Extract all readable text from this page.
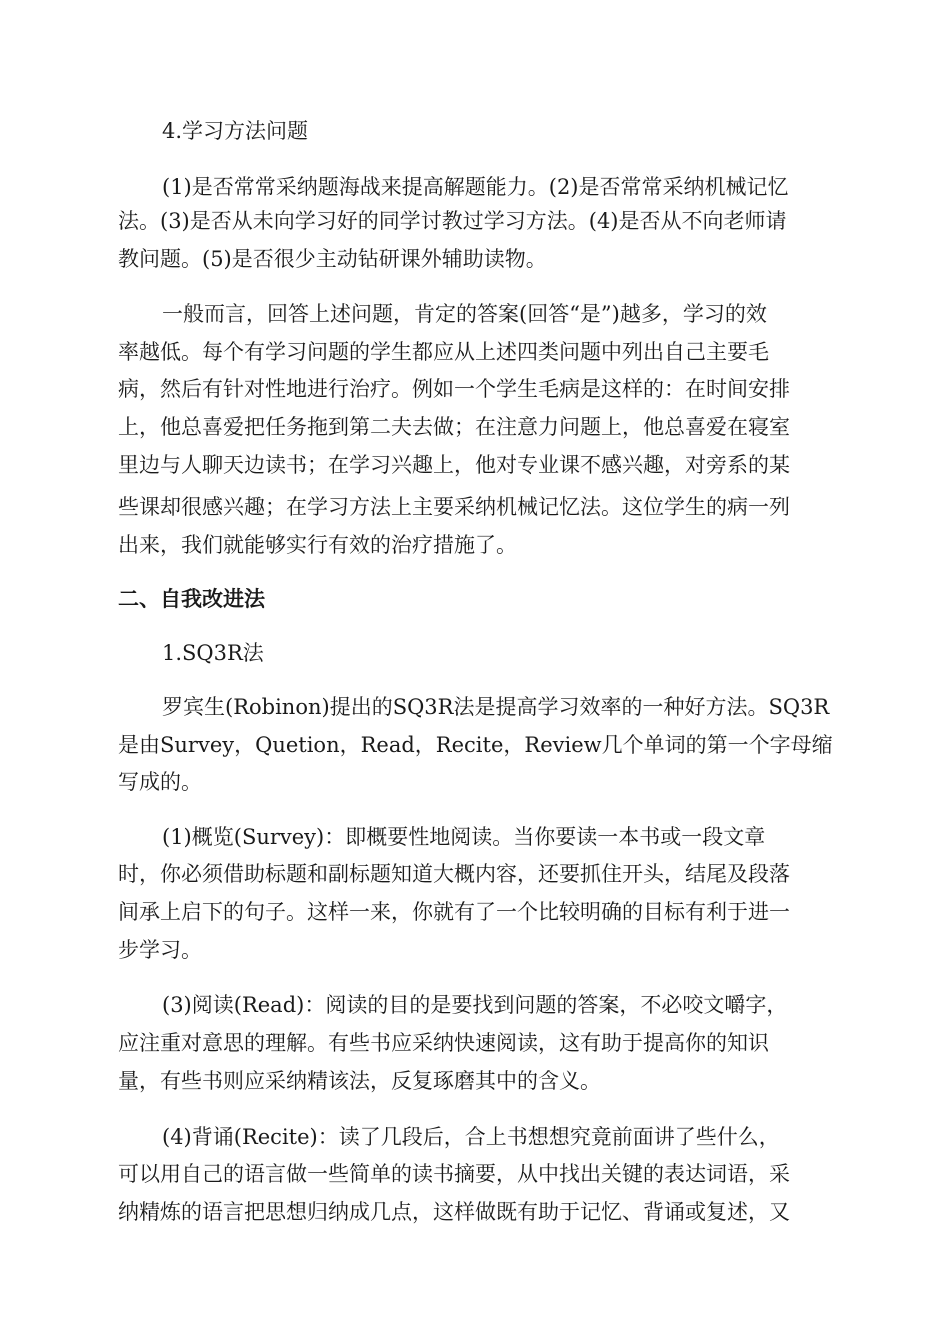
4.学习方法问题
(1)是否常常采纳题海战来提高解题能力。(2)是否常常采纳机械记忆
法。(3)是否从未向学习好的同学讨教过学习方法。(4)是否从不向老师请
教问题。(5)是否很少主动钻研课外辅助读物。
一般而言，回答上述问题，肯定的答案(回答“是”)越多，学习的效
率越低。每个有学习问题的学生都应从上述四类问题中列出自己主要毛
病，然后有针对性地进行治疗。例如一个学生毛病是这样的：在时间安排
上，他总喜爱把任务拖到第二夫去做；在注意力问题上，他总喜爱在寝室
里边与人聊天边读书；在学习兴趣上，他对专业课不感兴趣，对旁系的某
些课却很感兴趣；在学习方法上主要采纳机械记忆法。这位学生的病一列
出来，我们就能够实行有效的治疗措施了。
二、自我改进法
1.SQ3R法
罗宾生(Robinon)提出的SQ3R法是提高学习效率的一种好方法。SQ3R
是由Survey，Quetion，Read，Recite，Review几个单词的第一个字母缩
写成的。
(1)概览(Survey)：即概要性地阅读。当你要读一本书或一段文章
时，你必须借助标题和副标题知道大概内容，还要抓住开头，结尾及段落
间承上启下的句子。这样一来，你就有了一个比较明确的目标有利于进一
步学习。
(3)阅读(Read)：阅读的目的是要找到问题的答案，不必咬文嚼字，
应注重对意思的理解。有些书应采纳快速阅读，这有助于提高你的知识
量，有些书则应采纳精该法，反复琢磨其中的含义。
(4)背诵(Recite)：读了几段后，合上书想想究竟前面讲了些什么，
可以用自己的语言做一些简单的读书摘要，从中找出关键的表达词语，采
纳精炼的语言把思想归纳成几点，这样做既有助于记忆、背诵或复述，又
